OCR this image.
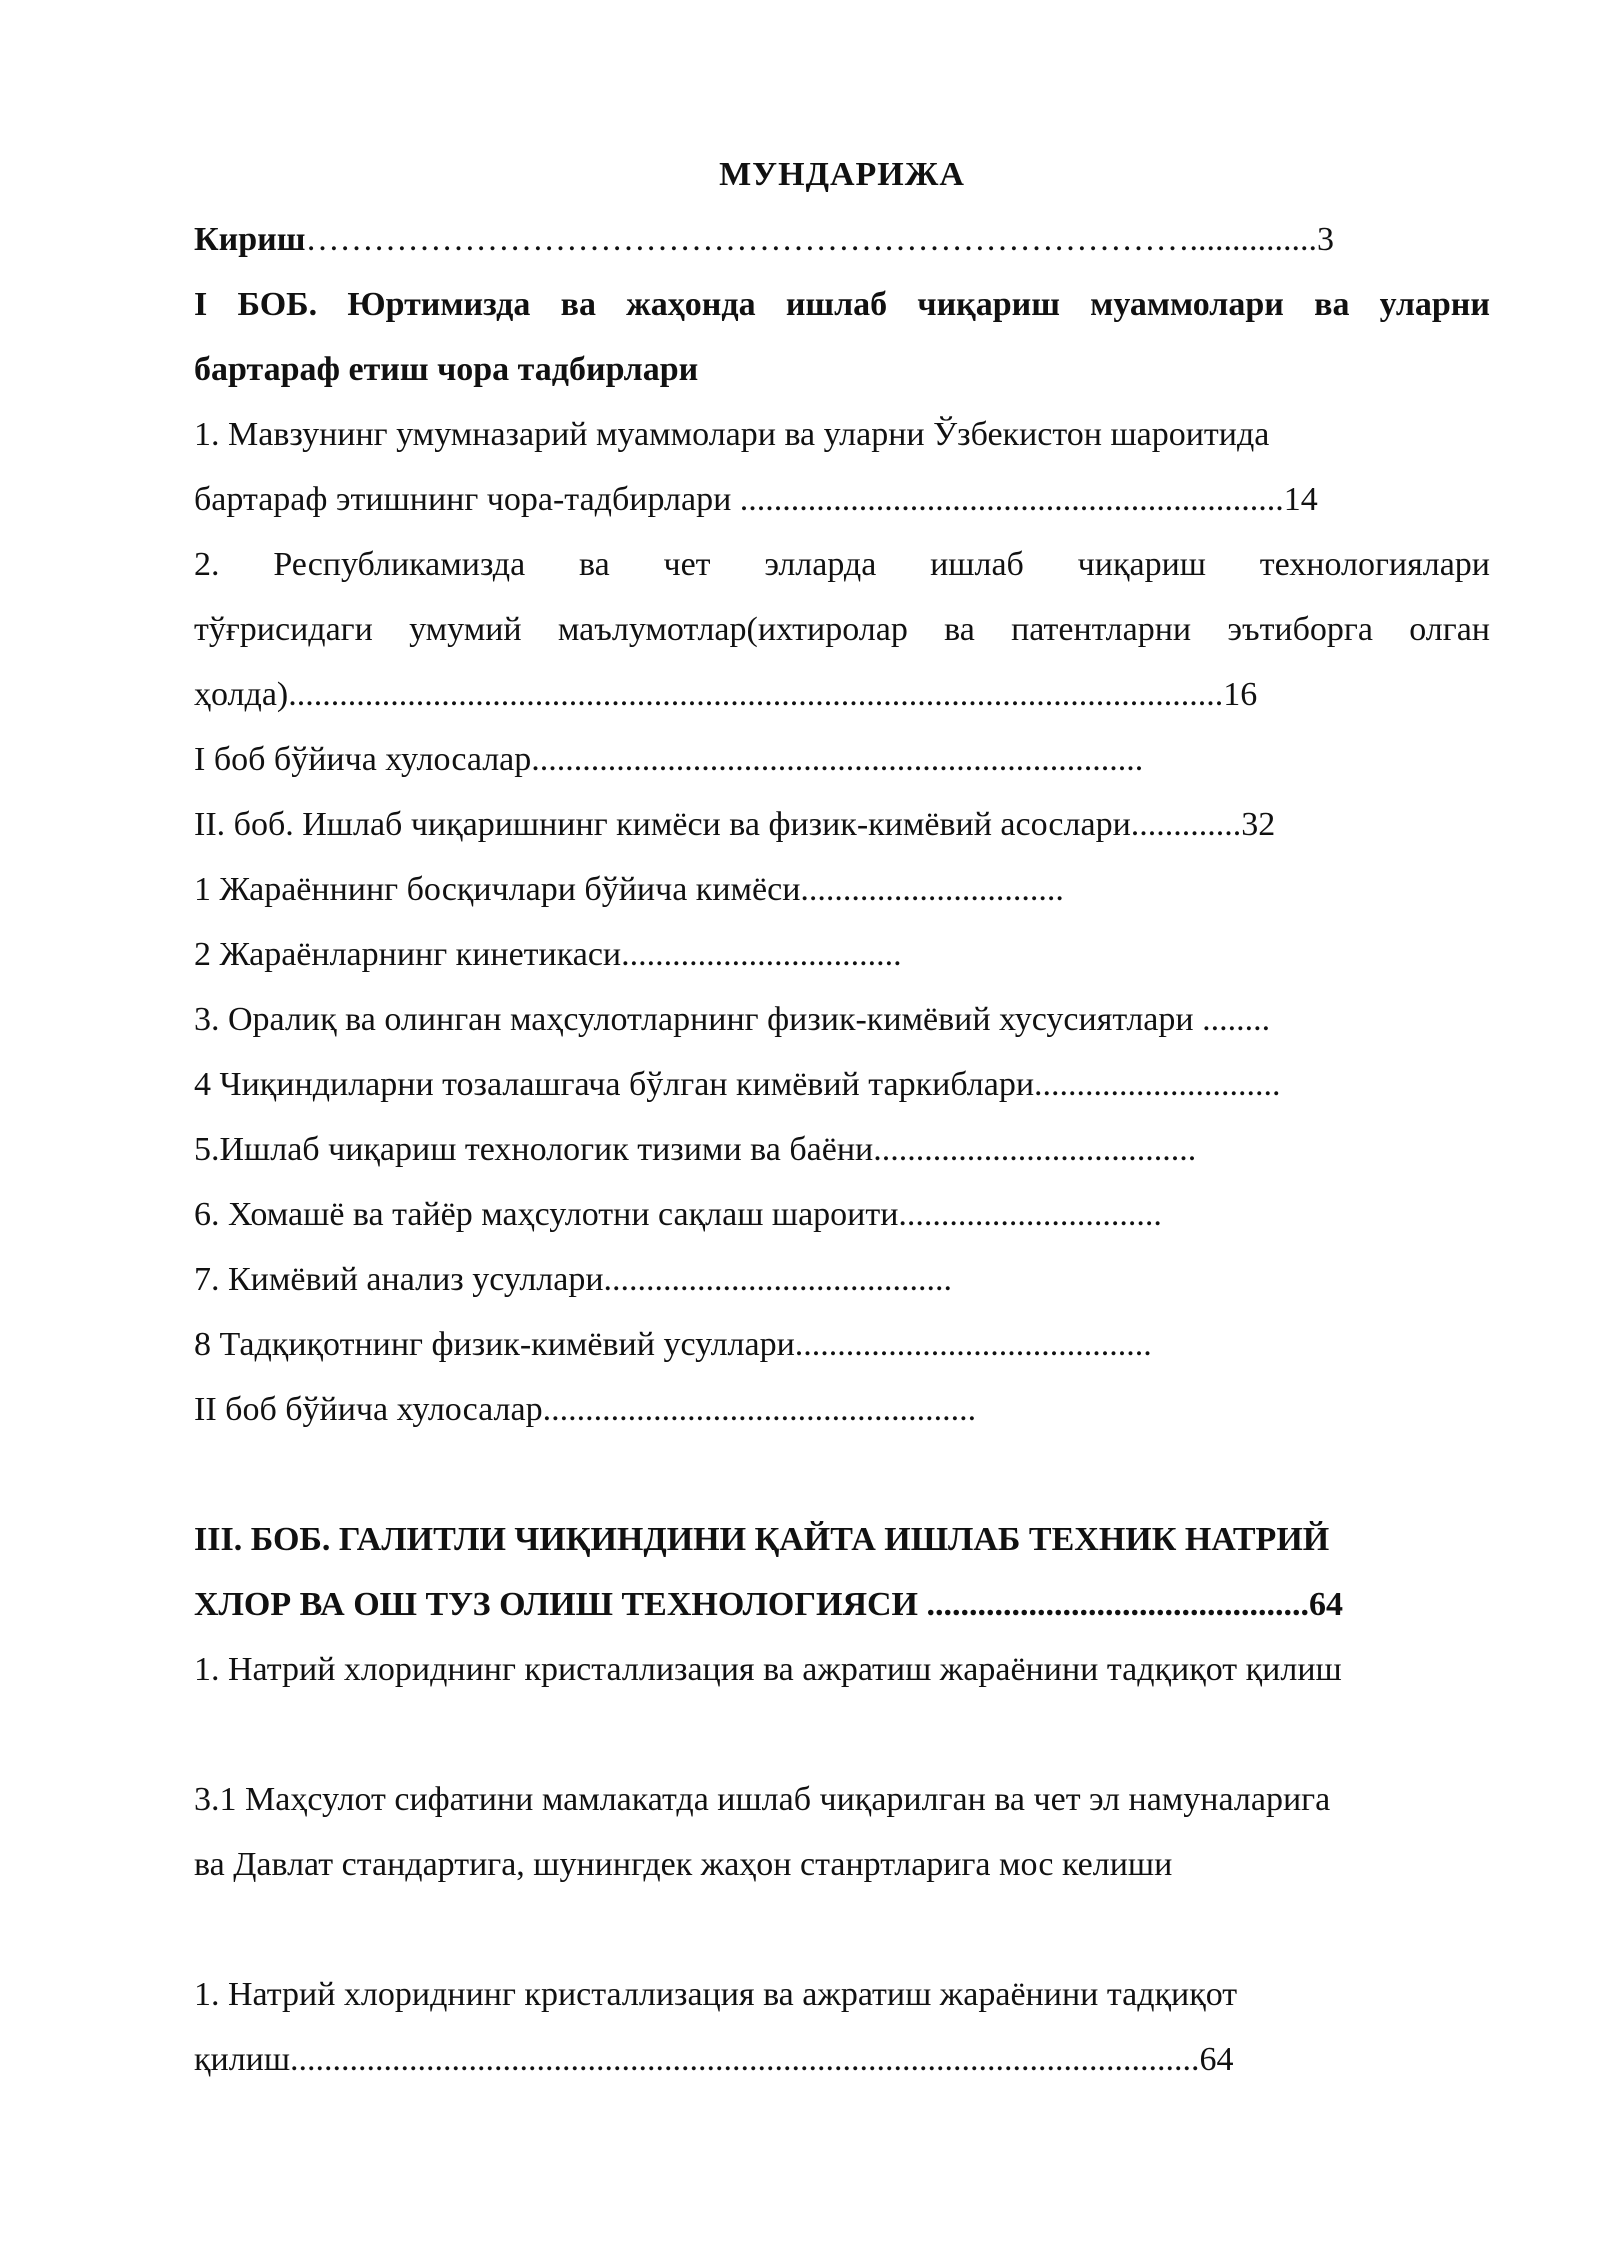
МУНДАРИЖА

Кириш……………………………………………………………………...............3

I БОБ. Юртимизда ва жаҳонда ишлаб чиқариш муаммолари ва уларни

бартараф етиш чора тадбирлари

1. Мавзунинг умумназарий муаммолари ва уларни Ўзбекистон шароитида

бартараф этишнинг чора-тадбирлари ................................................................14

2. Республикамизда ва чет элларда ишлаб чиқариш технологиялари

тўғрисидаги умумий маълумотлар(ихтиролар ва патентларни эътиборга олган

ҳолда)..............................................................................................................16

I боб бўйича хулосалар........................................................................

II. боб. Ишлаб чиқаришнинг кимёси ва физик-кимёвий асослари.............32

1 Жараённинг босқичлари бўйича кимёси...............................

2 Жараёнларнинг кинетикаси.................................

3. Оралиқ ва олинган маҳсулотларнинг физик-кимёвий хусусиятлари ........

4 Чиқиндиларни тозалашгача бўлган кимёвий таркиблари.............................

5.Ишлаб чиқариш технологик тизими ва баёни......................................

6. Хомашё ва тайёр маҳсулотни сақлаш шароити...............................

7. Кимёвий анализ усуллари.........................................

8 Тадқиқотнинг физик-кимёвий усуллари..........................................

II боб бўйича хулосалар...................................................

III. БОБ. ГАЛИТЛИ ЧИҚИНДИНИ ҚАЙТА ИШЛАБ ТЕХНИК НАТРИЙ

ХЛОР ВА ОШ ТУЗ ОЛИШ ТЕХНОЛОГИЯСИ .............................................64

1. Натрий хлориднинг кристаллизация ва ажратиш жараёнини тадқиқот қилиш

3.1 Маҳсулот сифатини мамлакатда ишлаб чиқарилган ва чет эл намуналарига

ва Давлат стандартига, шунингдек жаҳон станртларига мос келиши

1. Натрий хлориднинг кристаллизация ва ажратиш жараёнини тадқиқот

қилиш...........................................................................................................64
